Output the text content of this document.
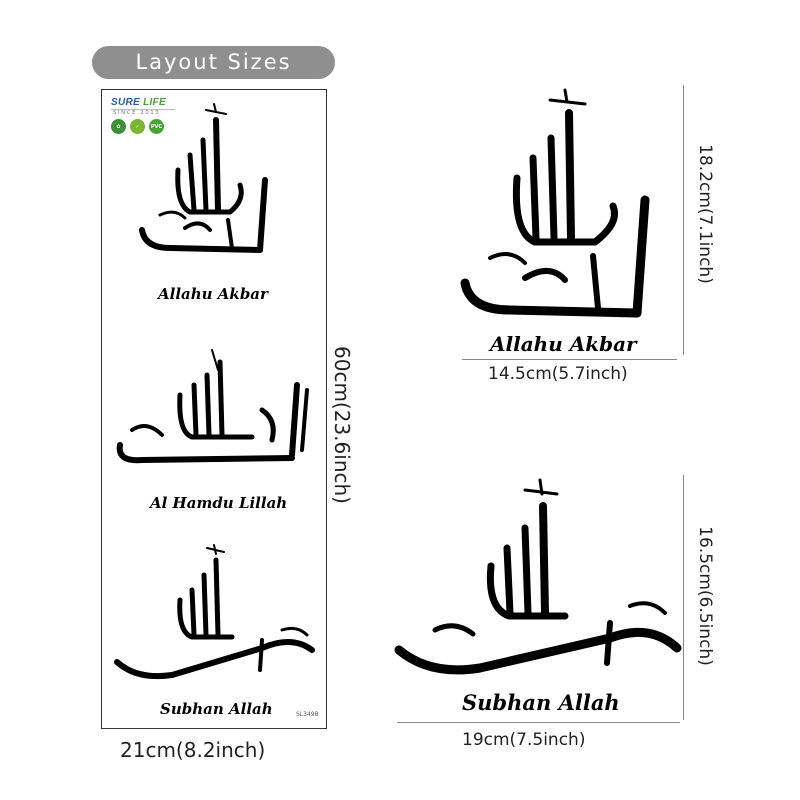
Layout Sizes
SURE LIFE
SINCE 2013
✿	✓	PVC
Allahu Akbar
Al Hamdu Lillah
Subhan Allah	SL349B
21cm(8.2inch)
60cm(23.6inch)
Allahu Akbar
14.5cm(5.7inch)
18.2cm(7.1inch)
Subhan Allah
19cm(7.5inch)
16.5cm(6.5inch)
